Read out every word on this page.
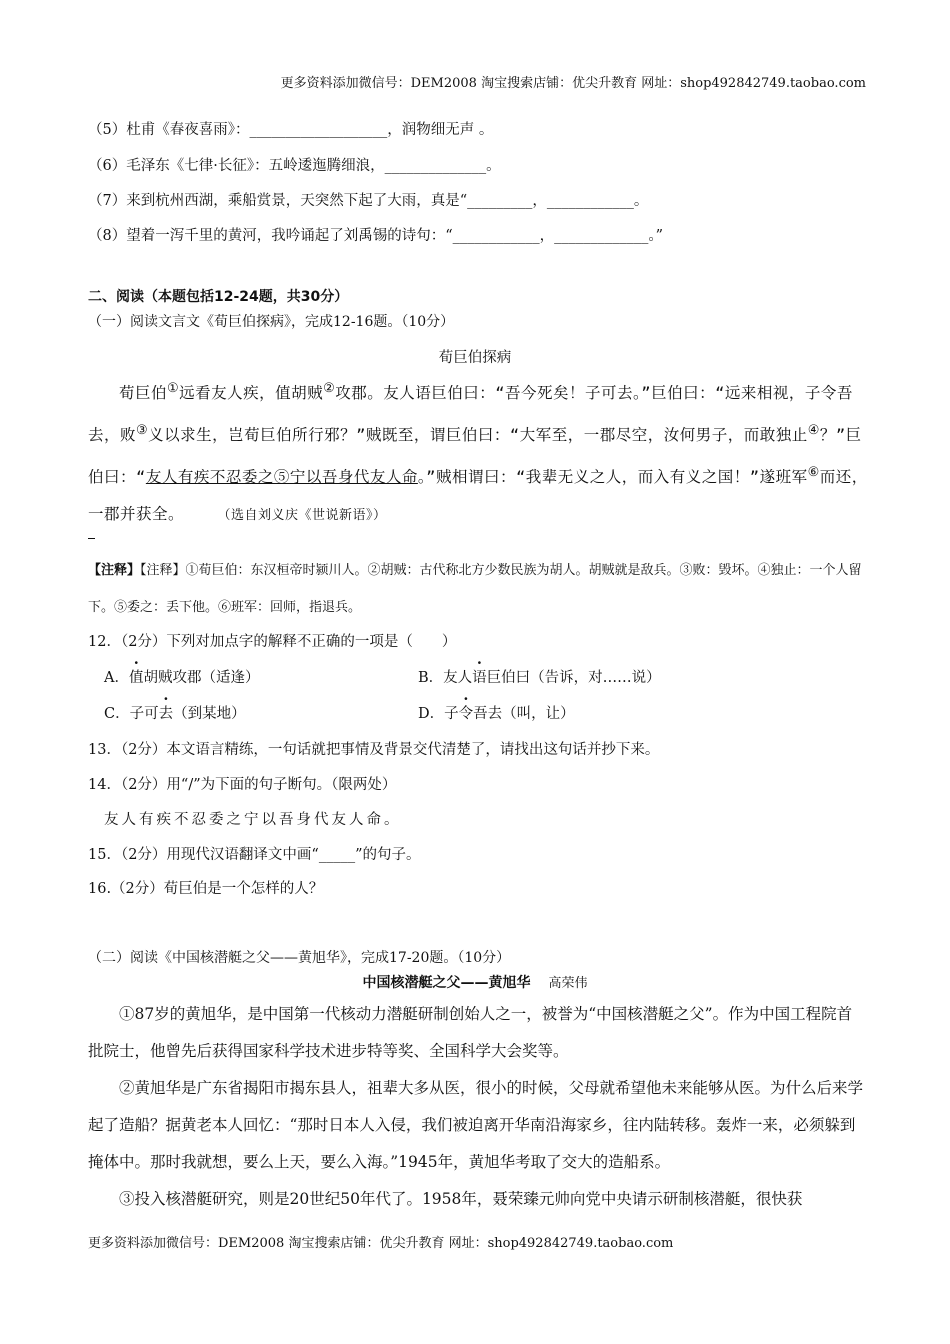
更多资料添加微信号：DEM2008 淘宝搜索店铺：优尖升教育 网址：shop492842749.taobao.com
（5）杜甫《春夜喜雨》：___________________，润物细无声 。
（6）毛泽东《七律·长征》：五岭逶迤腾细浪，______________。
（7）来到杭州西湖，乘船赏景，天突然下起了大雨，真是“_________，____________。
（8）望着一泻千里的黄河，我吟诵起了刘禹锡的诗句：“____________，_____________。”
二、阅读（本题包括12-24题，共30分）
（一）阅读文言文《荀巨伯探病》，完成12-16题。（10分）
荀巨伯探病

荀巨伯①远看友人疾，值胡贼②攻郡。友人语巨伯曰：“吾今死矣！子可去。”巨伯曰：“远来相视，子令吾去，败③义以求生，岂荀巨伯所行邪？”贼既至，谓巨伯曰：“大军至，一郡尽空，汝何男子，而敢独止④？”巨伯曰：“友人有疾不忍委之⑤宁以吾身代友人命。”贼相谓曰：“我辈无义之人，而入有义之国！”遂班军⑥而还，一郡并获全。	（选自刘义庆《世说新语》）

【注释】【注释】①荀巨伯：东汉桓帝时颍川人。②胡贼：古代称北方少数民族为胡人。胡贼就是敌兵。③败：毁坏。④独止：一个人留下。⑤委之：丢下他。⑥班军：回师，指退兵。
12．（2分）下列对加点字的解释不正确的一项是（　　）
A．值胡贼攻郡（适逢）	B．友人语巨伯曰（告诉，对……说）
C．子可去（到某地）	D．子令吾去（叫，让）
13．（2分）本文语言精练，一句话就把事情及背景交代清楚了，请找出这句话并抄下来。
14．（2分）用“/”为下面的句子断句。（限两处）
友人有疾不忍委之宁以吾身代友人命。
15．（2分）用现代汉语翻译文中画“_____”的句子。
16.（2分）荀巨伯是一个怎样的人？
（二）阅读《中国核潜艇之父——黄旭华》，完成17-20题。（10分）
中国核潜艇之父——黄旭华 高荣伟

①87岁的黄旭华，是中国第一代核动力潜艇研制创始人之一，被誉为“中国核潜艇之父”。作为中国工程院首批院士，他曾先后获得国家科学技术进步特等奖、全国科学大会奖等。

②黄旭华是广东省揭阳市揭东县人，祖辈大多从医，很小的时候，父母就希望他未来能够从医。为什么后来学起了造船？据黄老本人回忆：“那时日本人入侵，我们被迫离开华南沿海家乡，往内陆转移。轰炸一来，必须躲到掩体中。那时我就想，要么上天，要么入海。”1945年，黄旭华考取了交大的造船系。

③投入核潜艇研究，则是20世纪50年代了。1958年，聂荣臻元帅向党中央请示研制核潜艇，很快获

更多资料添加微信号：DEM2008 淘宝搜索店铺：优尖升教育 网址：shop492842749.taobao.com
